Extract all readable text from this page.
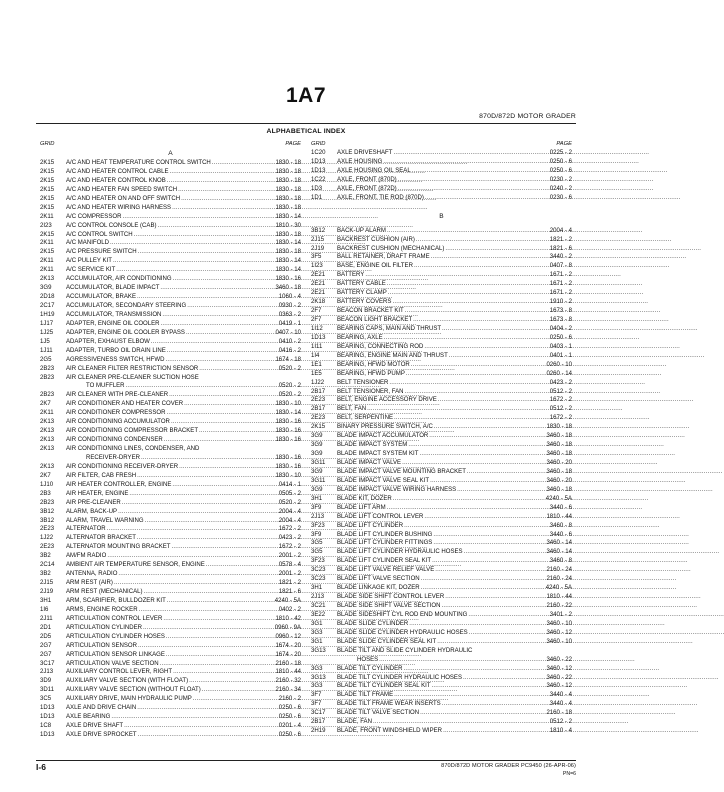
1A7
870D/872D MOTOR GRADER
ALPHABETICAL INDEX
GRID	PAGE
A
2K15	A/C AND HEAT TEMPERATURE CONTROL SWITCH .....	1830 - 18
2K15	A/C AND HEATER CONTROL CABLE .....	1830 - 18
2K15	A/C AND HEATER CONTROL KNOB .....	1830 - 18
2K15	A/C AND HEATER FAN SPEED SWITCH .....	1830 - 18
2K15	A/C AND HEATER ON AND OFF SWITCH .....	1830 - 18
2K15	A/C AND HEATER WIRING HARNESS .....	1830 - 18
2K11	A/C COMPRESSOR .....	1830 - 14
2I23	A/C CONTROL CONSOLE (CAB) .....	1810 - 30
2K15	A/C CONTROL SWITCH .....	1830 - 18
2K11	A/C MANIFOLD .....	1830 - 14
2K15	A/C PRESSURE SWITCH .....	1830 - 18
2K11	A/C PULLEY KIT .....	1830 - 14
2K11	A/C SERVICE KIT .....	1830 - 14
2K13	ACCUMULATOR, AIR CONDITIONING .....	1830 - 16
3G9	ACCUMULATOR, BLADE IMPACT .....	3460 - 18
2D18	ACCUMULATOR, BRAKE .....	1060 - 4
2C17	ACCUMULATOR, SECONDARY STEERING .....	0930 - 2
1H19	ACCUMULATOR, TRANSMISSION .....	0363 - 2
1J17	ADAPTER, ENGINE OIL COOLER .....	0419 - 1
1J25	ADAPTER, ENGINE OIL COOLER BYPASS .....	0407 - 10
1J5	ADAPTER, EXHAUST ELBOW .....	0410 - 2
1J11	ADAPTER, TURBO OIL DRAIN LINE .....	0416 - 2
2G5	AGRESSIVENESS SWITCH, HFWD .....	1674 - 18
2B23	AIR CLEANER FILTER RESTRICTION SENSOR .....	0520 - 2
2B23	AIR CLEANER PRE-CLEANER SUCTION HOSE
TO MUFFLER .....	0520 - 2
2B23	AIR CLEANER WITH PRE-CLEANER .....	0520 - 2
2K7	AIR CONDITIONER AND HEATER COVER .....	1830 - 10
2K11	AIR CONDITIONER COMPRESSOR .....	1830 - 14
2K13	AIR CONDITIONING ACCUMULATOR .....	1830 - 16
2K13	AIR CONDITIONING COMPRESSOR BRACKET .....	1830 - 16
2K13	AIR CONDITIONING CONDENSER .....	1830 - 16
2K13	AIR CONDITIONING LINES, CONDENSER, AND
RECEIVER-DRYER .....	1830 - 16
2K13	AIR CONDITIONING RECEIVER-DRYER .....	1830 - 16
2K7	AIR FILTER, CAB FRESH .....	1830 - 10
1J10	AIR HEATER CONTROLLER, ENGINE .....	0414 - 1
2B3	AIR HEATER, ENGINE .....	0505 - 2
2B23	AIR PRE-CLEANER .....	0520 - 2
3B12	ALARM, BACK-UP .....	2004 - 4
3B12	ALARM, TRAVEL WARNING .....	2004 - 4
2E23	ALTERNATOR .....	1672 - 2
1J22	ALTERNATOR BRACKET .....	0423 - 2
2E23	ALTERNATOR MOUNTING BRACKET .....	1672 - 2
3B2	AM/FM RADIO .....	2001 - 2
2C14	AMBIENT AIR TEMPERATURE SENSOR, ENGINE .....	0578 - 4
3B2	ANTENNA, RADIO .....	2001 - 2
2J15	ARM REST (AIR) .....	1821 - 2
2J19	ARM REST (MECHANICAL) .....	1821 - 6
3H1	ARM, SCARIFIER, BULLDOZER KIT .....	4240 - 5A
1I6	ARMS, ENGINE ROCKER .....	0402 - 2
2J11	ARTICULATION CONTROL LEVER .....	1810 - 42
2D1	ARTICULATION CYLINDER .....	0960 - 9A
2D5	ARTICULATION CYLINDER HOSES .....	0960 - 12
2G7	ARTICULATION SENSOR .....	1674 - 20
2G7	ARTICULATION SENSOR LINKAGE .....	1674 - 20
3C17	ARTICULATION VALVE SECTION .....	2160 - 18
2J13	AUXILIARY CONTROL LEVER, RIGHT .....	1810 - 44
3D9	AUXILIARY VALVE SECTION (WITH FLOAT) .....	2160 - 32
3D11	AUXILIARY VALVE SECTION (WITHOUT FLOAT) .....	2160 - 34
3C5	AUXILIARY DRIVE, MAIN HYDRAULIC PUMP .....	2160 - 2
1D13	AXLE AND DRIVE CHAIN .....	0250 - 6
1D13	AXLE BEARING .....	0250 - 6
1C8	AXLE DRIVE SHAFT .....	0201 - 4
1D13	AXLE DRIVE SPROCKET .....	0250 - 6
GRID	PAGE
1C20	AXLE DRIVESHAFT .....	0225 - 2
1D13	AXLE HOUSING .....	0250 - 6
1D13	AXLE HOUSING OIL SEAL .....	0250 - 6
1C22	AXLE, FRONT (870D) .....	0230 - 2
1D3	AXLE, FRONT (872D) .....	0240 - 2
1D1	AXLE, FRONT, TIE ROD (870D) .....	0230 - 6
B
3B12	BACK-UP ALARM .....	2004 - 4
2J15	BACKREST CUSHION (AIR) .....	1821 - 2
2J19	BACKREST CUSHION (MECHANICAL) .....	1821 - 6
3F5	BALL RETAINER, DRAFT FRAME .....	3440 - 2
1I23	BASE, ENGINE OIL FILTER .....	0407 - 8
2E21	BATTERY .....	1671 - 2
2E21	BATTERY CABLE .....	1671 - 2
2E21	BATTERY CLAMP .....	1671 - 2
2K18	BATTERY COVERS .....	1910 - 2
2F7	BEACON BRACKET KIT .....	1673 - 8
2F7	BEACON LIGHT BRACKET .....	1673 - 8
1I12	BEARING CAPS, MAIN AND THRUST .....	0404 - 2
1D13	BEARING, AXLE .....	0250 - 6
1I11	BEARING, CONNECTING ROD .....	0403 - 1
1I4	BEARING, ENGINE MAIN AND THRUST .....	0401 - 1
1E1	BEARING, HFWD MOTOR .....	0260 - 10
1E5	BEARING, HFWD PUMP .....	0260 - 14
1J22	BELT TENSIONER .....	0423 - 2
2B17	BELT TENSIONER, FAN .....	0512 - 2
2E23	BELT, ENGINE ACCESSORY DRIVE .....	1672 - 2
2B17	BELT, FAN .....	0512 - 2
2E23	BELT, SERPENTINE .....	1672 - 2
2K15	BINARY PRESSURE SWITCH, A/C .....	1830 - 18
3G9	BLADE IMPACT ACCUMULATOR .....	3460 - 18
3G9	BLADE IMPACT SYSTEM .....	3460 - 18
3G9	BLADE IMPACT SYSTEM KIT .....	3460 - 18
3G11	BLADE IMPACT VALVE .....	3460 - 20
3G9	BLADE IMPACT VALVE MOUNTING BRACKET .....	3460 - 18
3G11	BLADE IMPACT VALVE SEAL KIT .....	3460 - 20
3G9	BLADE IMPACT VALVE WIRING HARNESS .....	3460 - 18
3H1	BLADE KIT, DOZER .....	4240 - 5A
3F9	BLADE LIFT ARM .....	3440 - 6
2J13	BLADE LIFT CONTROL LEVER .....	1810 - 44
3F23	BLADE LIFT CYLINDER .....	3460 - 8
3F9	BLADE LIFT CYLINDER BUSHING .....	3440 - 6
3G5	BLADE LIFT CYLINDER FITTINGS .....	3460 - 14
3G5	BLADE LIFT CYLINDER HYDRAULIC HOSES .....	3460 - 14
3F23	BLADE LIFT CYLINDER SEAL KIT .....	3460 - 8
3C23	BLADE LIFT VALVE RELIEF VALVE .....	2160 - 24
3C23	BLADE LIFT VALVE SECTION .....	2160 - 24
3H1	BLADE LINKAGE KIT, DOZER .....	4240 - 5A
2J13	BLADE SIDE SHIFT CONTROL LEVER .....	1810 - 44
3C21	BLADE SIDE SHIFT VALVE SECTION .....	2160 - 22
3E22	BLADE SIDESHIFT CYL ROD END MOUNTING .....	3401 - 2
3G1	BLADE SLIDE CYLINDER .....	3460 - 10
3G3	BLADE SLIDE CYLINDER HYDRAULIC HOSES .....	3460 - 12
3G1	BLADE SLIDE CYLINDER SEAL KIT .....	3460 - 10
3G13	BLADE TILT AND SLIDE CYLINDER HYDRAULIC
HOSES .....	3460 - 22
3G3	BLADE TILT CYLINDER .....	3460 - 12
3G13	BLADE TILT CYLINDER HYDRAULIC HOSES .....	3460 - 22
3G3	BLADE TILT CYLINDER SEAL KIT .....	3460 - 12
3F7	BLADE TILT FRAME .....	3440 - 4
3F7	BLADE TILT FRAME WEAR INSERTS .....	3440 - 4
3C17	BLADE TILT VALVE SECTION .....	2160 - 18
2B17	BLADE, FAN .....	0512 - 2
2H19	BLADE, FRONT WINDSHIELD WIPER .....	1810 - 4
I-6	870D/872D MOTOR GRADER PC9450 (26-APR-06)
PN=6
